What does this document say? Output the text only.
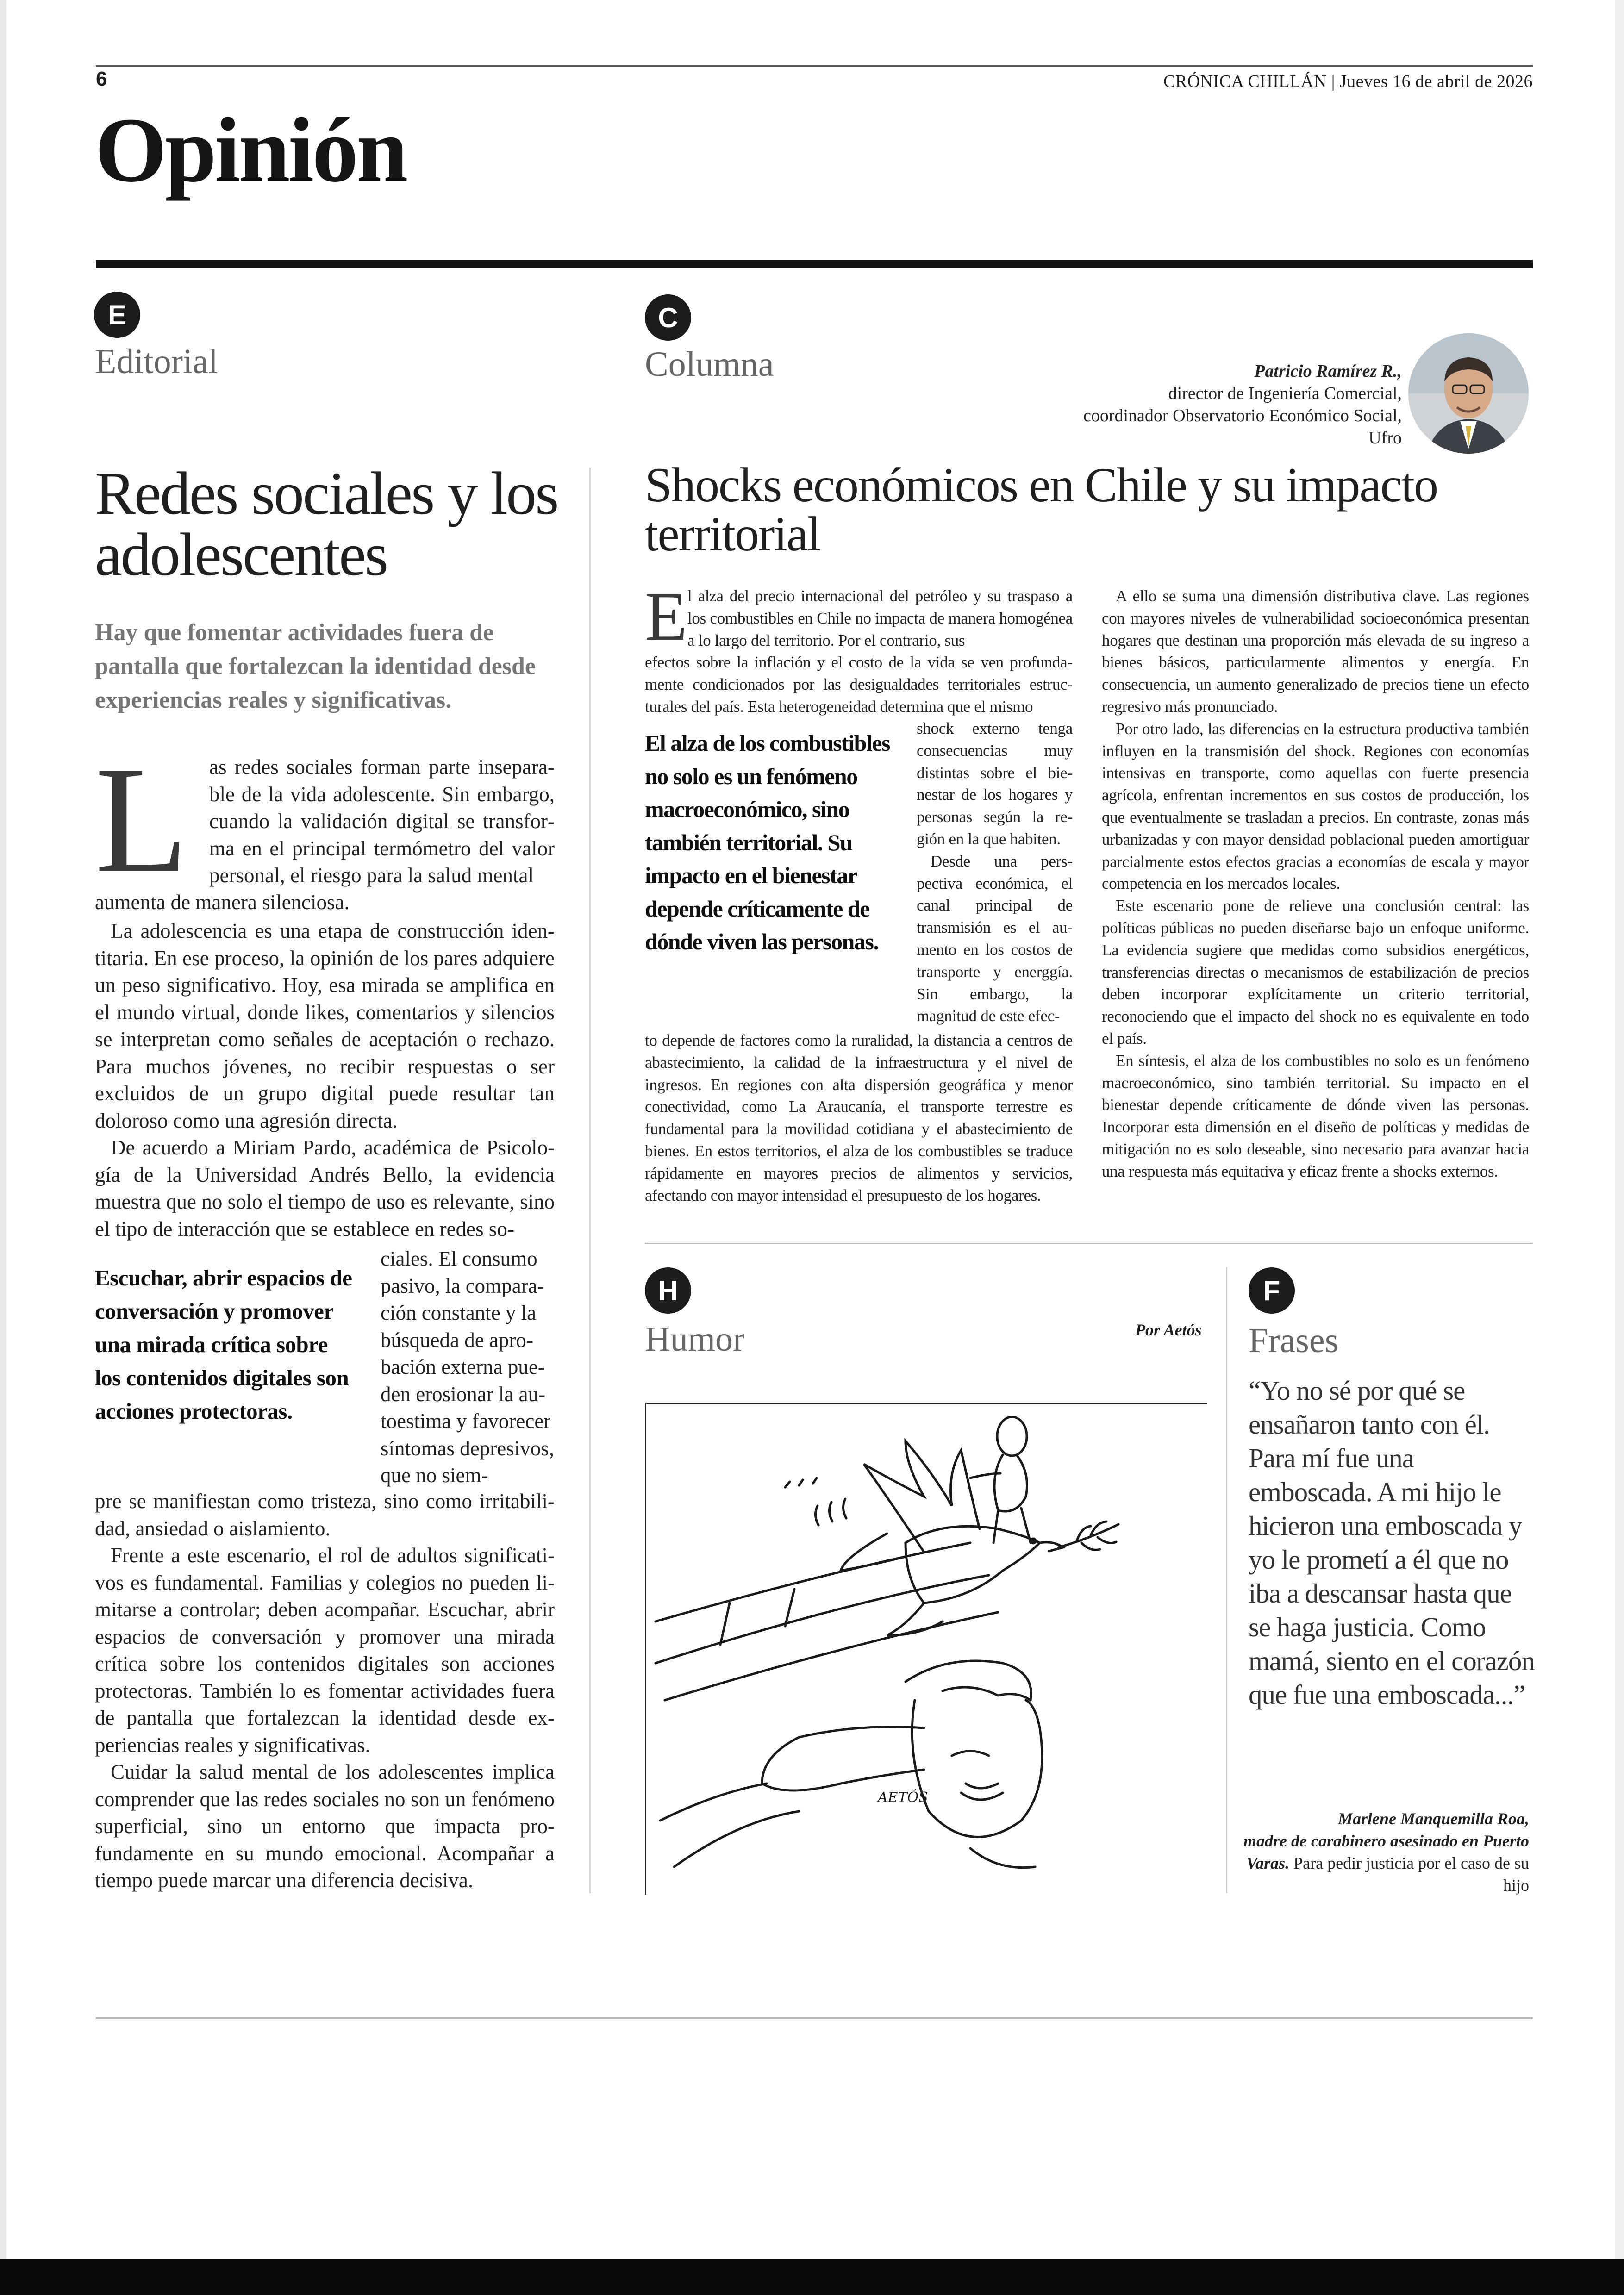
6	CRÓNICA CHILLÁN | Jueves 16 de abril de 2026
Opinión
E
Editorial
Redes sociales y los adolescentes
Hay que fomentar actividades fuera de pantalla que fortalezcan la identidad desde experiencias reales y significativas.
L as redes sociales forman parte inseparable de la vida adolescente. Sin embargo, cuando la validación digital se transforma en el principal termómetro del valor personal, el riesgo para la salud mental

aumenta de manera silenciosa.

La adolescencia es una etapa de construcción identitaria. En ese proceso, la opinión de los pares adquiere un peso significativo. Hoy, esa mirada se amplifica en el mundo virtual, donde likes, comentarios y silencios se interpretan como señales de aceptación o rechazo. Para muchos jóvenes, no recibir respuestas o ser excluidos de un grupo digital puede resultar tan doloroso como una agresión directa.

De acuerdo a Miriam Pardo, académica de Psicología de la Universidad Andrés Bello, la evidencia muestra que no solo el tiempo de uso es relevante, sino el tipo de interacción que se establece en redes so-

Escuchar, abrir espacios de conversación y promover una mirada crítica sobre los contenidos digitales son acciones protectoras.

ciales. El consumo pasivo, la comparación constante y la búsqueda de aprobación externa pueden erosionar la autoestima y favorecer síntomas depresivos, que no siem-

pre se manifiestan como tristeza, sino como irritabilidad, ansiedad o aislamiento.

Frente a este escenario, el rol de adultos significativos es fundamental. Familias y colegios no pueden limitarse a controlar; deben acompañar. Escuchar, abrir espacios de conversación y promover una mirada crítica sobre los contenidos digitales son acciones protectoras. También lo es fomentar actividades fuera de pantalla que fortalezcan la identidad desde experiencias reales y significativas.

Cuidar la salud mental de los adolescentes implica comprender que las redes sociales no son un fenómeno superficial, sino un entorno que impacta profundamente en su mundo emocional. Acompañar a tiempo puede marcar una diferencia decisiva.

C
Columna	Patricio Ramírez R.,
director de Ingeniería Comercial,
coordinador Observatorio Económico Social, Ufro
Shocks económicos en Chile y su impacto territorial
E l alza del precio internacional del petróleo y su traspaso a los combustibles en Chile no impacta de manera homogénea a lo largo del territorio. Por el contrario, sus
efectos sobre la inflación y el costo de la vida se ven profundamente condicionados por las desigualdades territoriales estructurales del país. Esta heterogeneidad determina que el mismo
El alza de los combustibles no solo es un fenómeno macroeconómico, sino también territorial. Su impacto en el bienestar depende críticamente de dónde viven las personas.

shock externo tenga consecuencias muy distintas sobre el bienestar de los hogares y personas según la región en la que habiten.

Desde una perspectiva económica, el canal principal de transmisión es el aumento en los costos de transporte y energgía. Sin embargo, la magnitud de este efec-

to depende de factores como la ruralidad, la distancia a centros de abastecimiento, la calidad de la infraestructura y el nivel de ingresos. En regiones con alta dispersión geográfica y menor conectividad, como La Araucanía, el transporte terrestre es fundamental para la movilidad cotidiana y el abastecimiento de bienes. En estos territorios, el alza de los combustibles se traduce rápidamente en mayores precios de alimentos y servicios, afectando con mayor intensidad el presupuesto de los hogares.

A ello se suma una dimensión distributiva clave. Las regiones con mayores niveles de vulnerabilidad socioeconómica presentan hogares que destinan una proporción más elevada de su ingreso a bienes básicos, particularmente alimentos y energía. En consecuencia, un aumento generalizado de precios tiene un efecto regresivo más pronunciado.

Por otro lado, las diferencias en la estructura productiva también influyen en la transmisión del shock. Regiones con economías intensivas en transporte, como aquellas con fuerte presencia agrícola, enfrentan incrementos en sus costos de producción, los que eventualmente se trasladan a precios. En contraste, zonas más urbanizadas y con mayor densidad poblacional pueden amortiguar parcialmente estos efectos gracias a economías de escala y mayor competencia en los mercados locales.

Este escenario pone de relieve una conclusión central: las políticas públicas no pueden diseñarse bajo un enfoque uniforme. La evidencia sugiere que medidas como subsidios energéticos, transferencias directas o mecanismos de estabilización de precios deben incorporar explícitamente un criterio territorial, reconociendo que el impacto del shock no es equivalente en todo el país.

En síntesis, el alza de los combustibles no solo es un fenómeno macroeconómico, sino también territorial. Su impacto en el bienestar depende críticamente de dónde viven las personas. Incorporar esta dimensión en el diseño de políticas y medidas de mitigación no es solo deseable, sino necesario para avanzar hacia una respuesta más equitativa y eficaz frente a shocks externos.

H
Humor	Por Aetós
AETÓS
F
Frases
“Yo no sé por qué se ensañaron tanto con él. Para mí fue una emboscada. A mi hijo le hicieron una emboscada y yo le prometí a él que no iba a descansar hasta que se haga justicia. Como mamá, siento en el corazón que fue una emboscada...”
Marlene Manquemilla Roa,
madre de carabinero asesinado en Puerto Varas. Para pedir justicia por el caso de su hijo
